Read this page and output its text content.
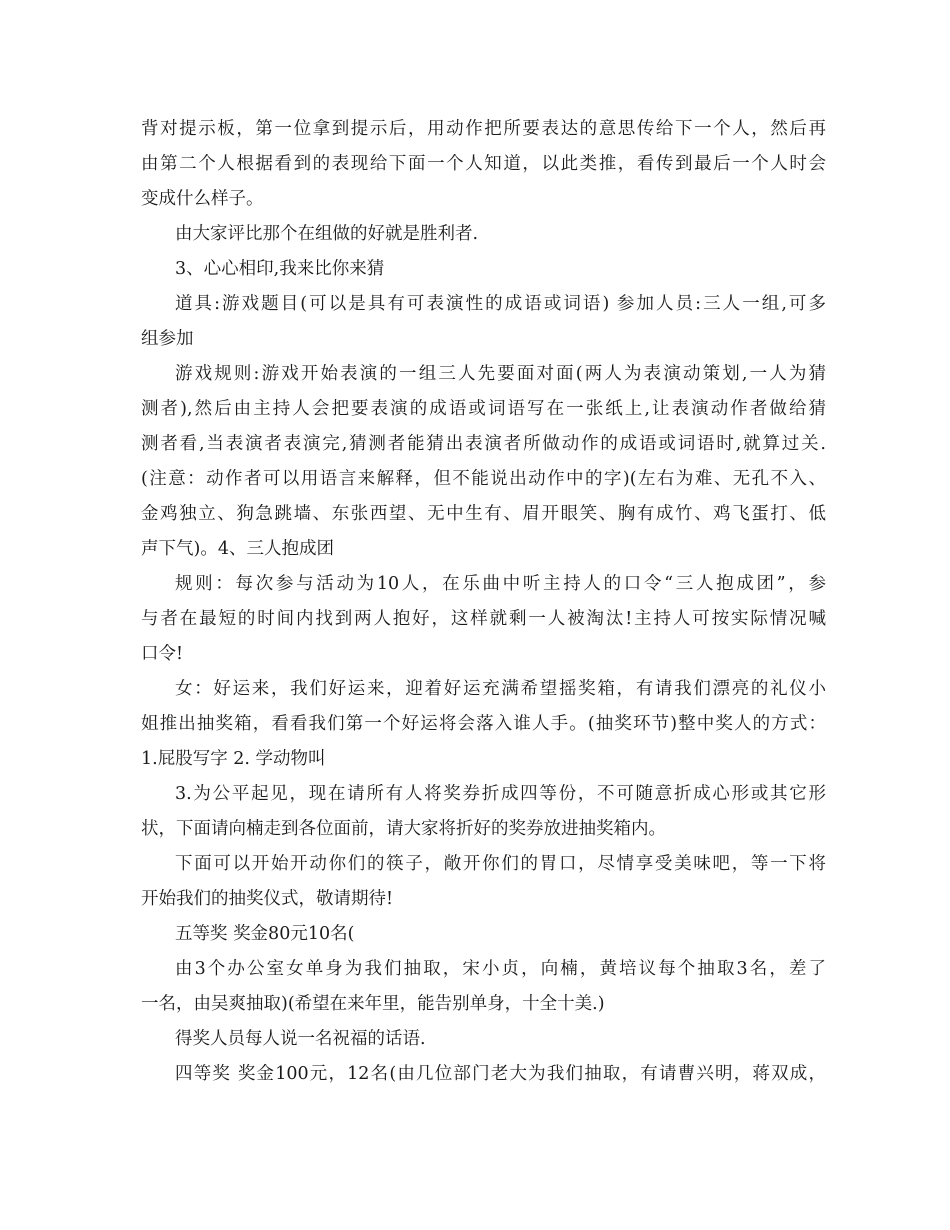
背对提示板，第一位拿到提示后，用动作把所要表达的意思传给下一个人，然后再
由第二个人根据看到的表现给下面一个人知道，以此类推，看传到最后一个人时会
变成什么样子。
由大家评比那个在组做的好就是胜利者.
3、心心相印,我来比你来猜
道具:游戏题目(可以是具有可表演性的成语或词语) 参加人员:三人一组,可多
组参加
游戏规则:游戏开始表演的一组三人先要面对面(两人为表演动策划,一人为猜
测者),然后由主持人会把要表演的成语或词语写在一张纸上,让表演动作者做给猜
测者看,当表演者表演完,猜测者能猜出表演者所做动作的成语或词语时,就算过关.
(注意：动作者可以用语言来解释，但不能说出动作中的字)(左右为难、无孔不入、
金鸡独立、狗急跳墙、东张西望、无中生有、眉开眼笑、胸有成竹、鸡飞蛋打、低
声下气)。4、三人抱成团
规则：每次参与活动为10人，在乐曲中听主持人的口令“三人抱成团”，参
与者在最短的时间内找到两人抱好，这样就剩一人被淘汰!主持人可按实际情况喊
口令!
女：好运来，我们好运来，迎着好运充满希望摇奖箱，有请我们漂亮的礼仪小
姐推出抽奖箱，看看我们第一个好运将会落入谁人手。(抽奖环节)整中奖人的方式：
1.屁股写字 2. 学动物叫
3.为公平起见，现在请所有人将奖券折成四等份，不可随意折成心形或其它形
状，下面请向楠走到各位面前，请大家将折好的奖券放进抽奖箱内。
下面可以开始开动你们的筷子，敞开你们的胃口，尽情享受美味吧，等一下将
开始我们的抽奖仪式，敬请期待!
五等奖 奖金80元10名(
由3个办公室女单身为我们抽取，宋小贞，向楠，黄培议每个抽取3名，差了
一名，由吴爽抽取)(希望在来年里，能告别单身，十全十美.)
得奖人员每人说一名祝福的话语.
四等奖 奖金100元，12名(由几位部门老大为我们抽取，有请曹兴明，蒋双成，
